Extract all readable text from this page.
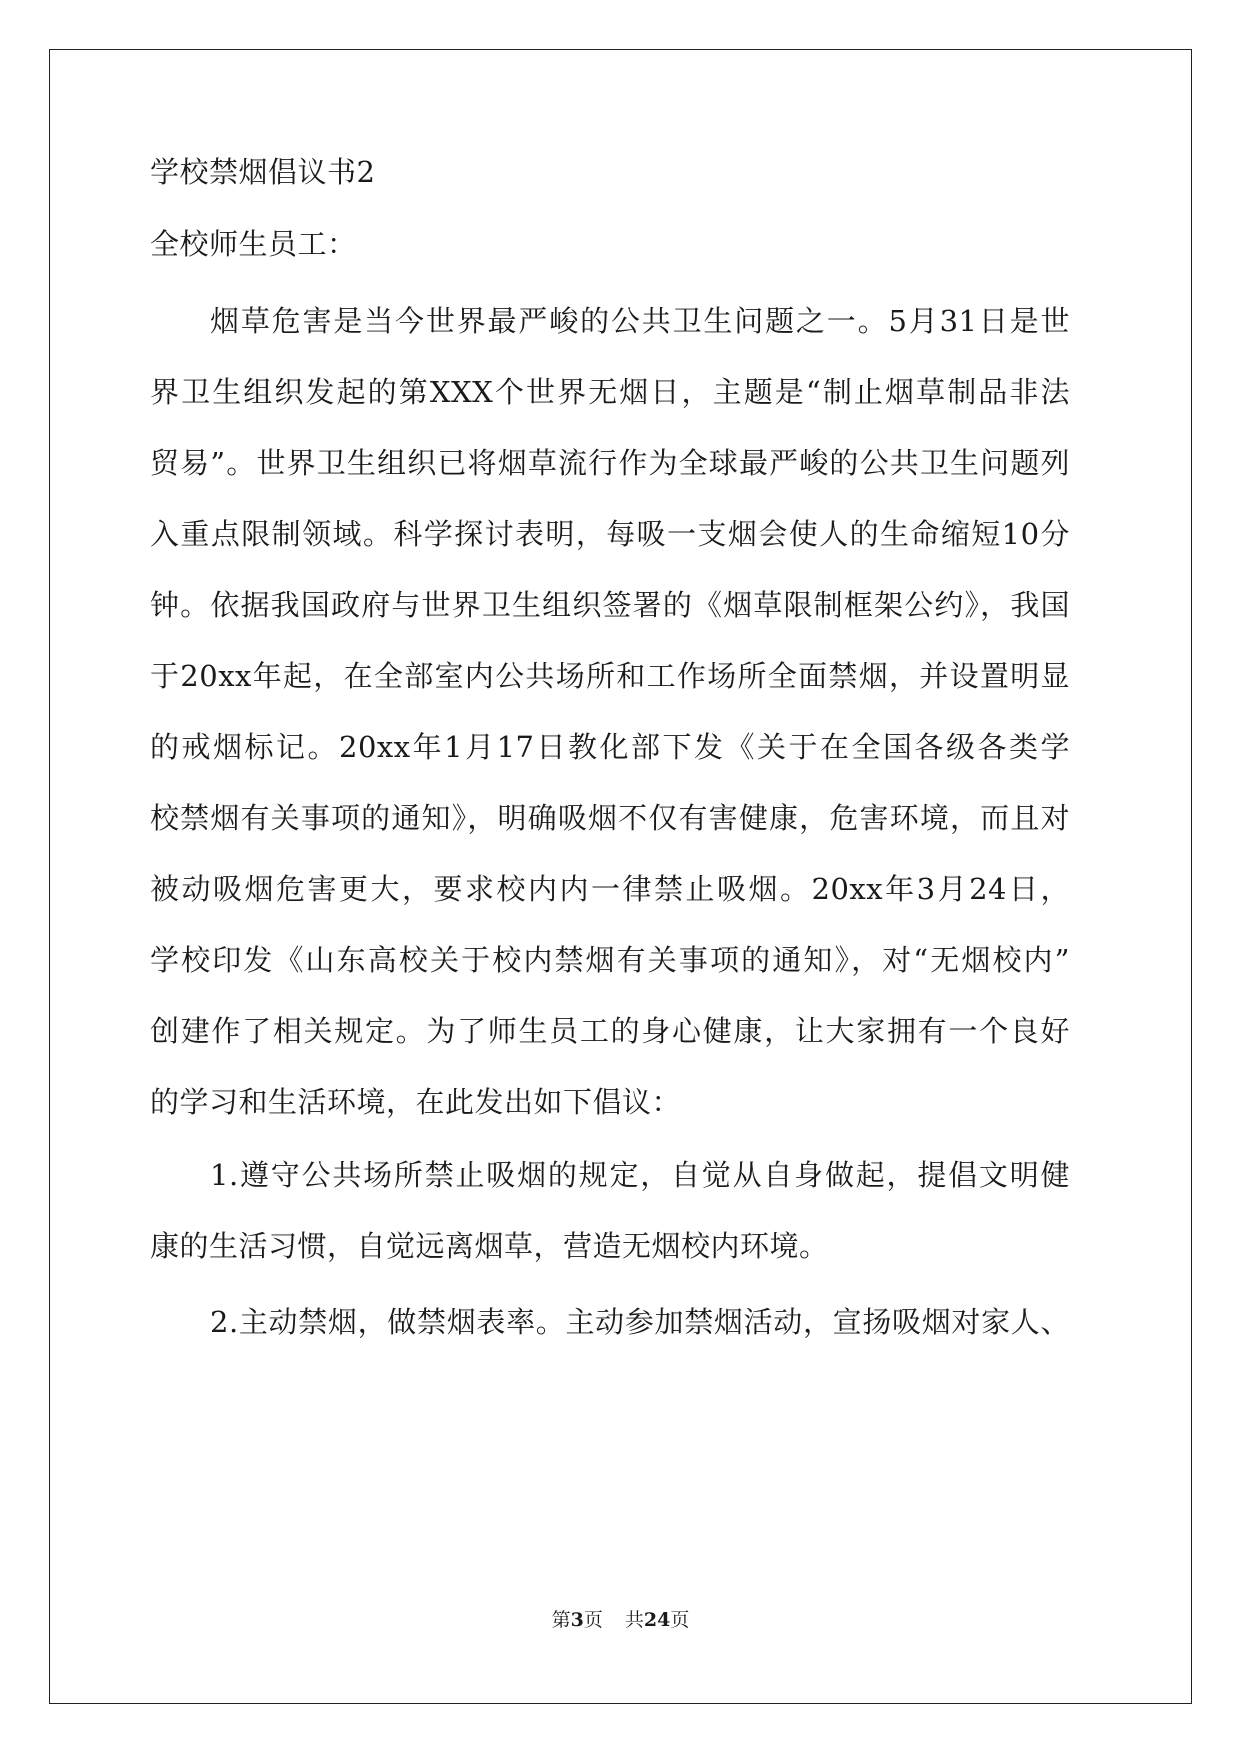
学校禁烟倡议书2
全校师生员工：
烟草危害是当今世界最严峻的公共卫生问题之一。5月31日是世
界卫生组织发起的第XXX个世界无烟日，主题是“制止烟草制品非法
贸易”。世界卫生组织已将烟草流行作为全球最严峻的公共卫生问题列
入重点限制领域。科学探讨表明，每吸一支烟会使人的生命缩短10分
钟。依据我国政府与世界卫生组织签署的《烟草限制框架公约》，我国
于20xx年起，在全部室内公共场所和工作场所全面禁烟，并设置明显
的戒烟标记。20xx年1月17日教化部下发《关于在全国各级各类学
校禁烟有关事项的通知》，明确吸烟不仅有害健康，危害环境，而且对
被动吸烟危害更大，要求校内内一律禁止吸烟。20xx年3月24日，
学校印发《山东高校关于校内禁烟有关事项的通知》，对“无烟校内”
创建作了相关规定。为了师生员工的身心健康，让大家拥有一个良好
的学习和生活环境，在此发出如下倡议：
1.遵守公共场所禁止吸烟的规定，自觉从自身做起，提倡文明健
康的生活习惯，自觉远离烟草，营造无烟校内环境。
2.主动禁烟，做禁烟表率。主动参加禁烟活动，宣扬吸烟对家人、
第3页 共24页
